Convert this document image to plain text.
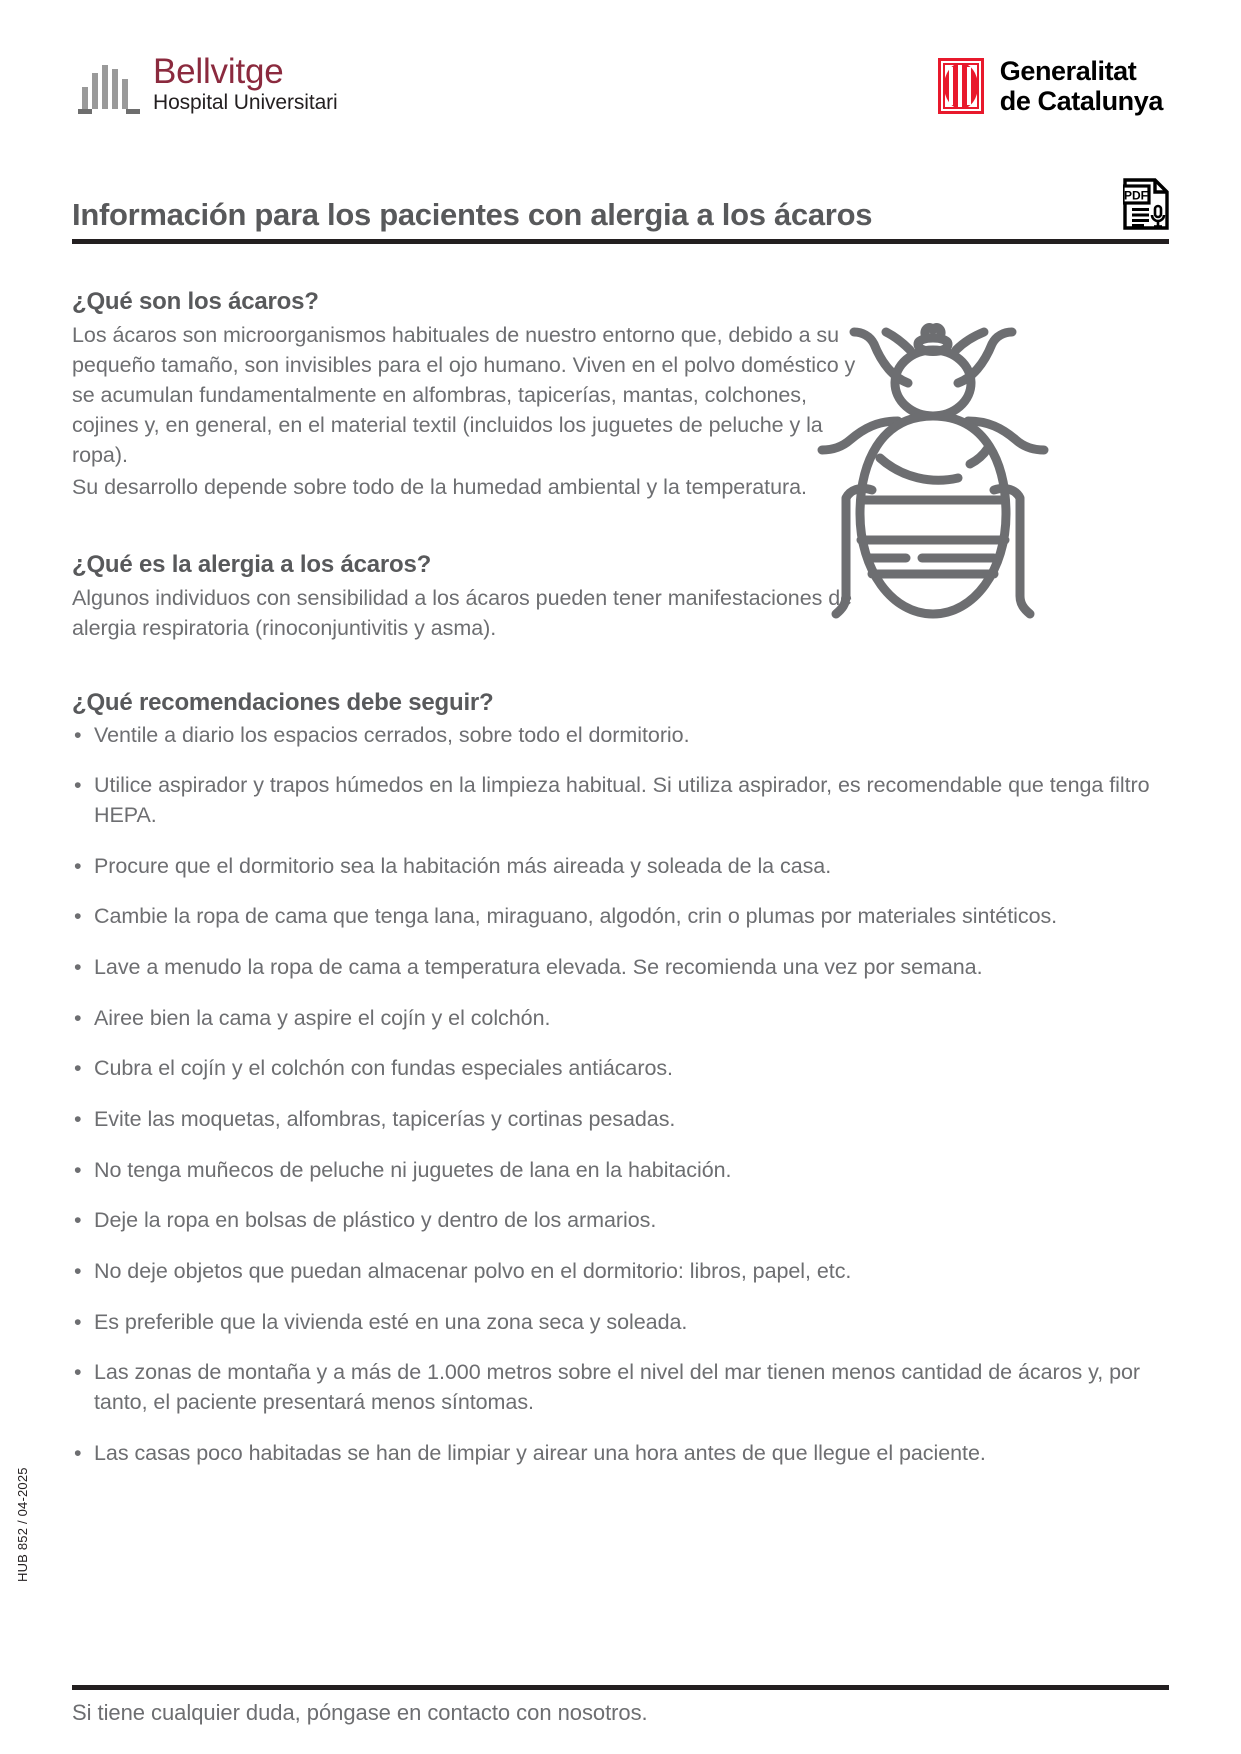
Bellvitge
Hospital Universitari
Generalitat
de Catalunya
Información para los pacientes con alergia a los ácaros
PDF
¿Qué son los ácaros?

Los ácaros son microorganismos habituales de nuestro entorno que, debido a su pequeño tamaño, son invisibles para el ojo humano. Viven en el polvo doméstico y se acumulan fundamentalmente en alfombras, tapicerías, mantas, colchones, cojines y, en general, en el material textil (incluidos los juguetes de peluche y la ropa).

Su desarrollo depende sobre todo de la humedad ambiental y la temperatura.

¿Qué es la alergia a los ácaros?

Algunos individuos con sensibilidad a los ácaros pueden tener manifestaciones de alergia respiratoria (rinoconjuntivitis y asma).

¿Qué recomendaciones debe seguir?
• Ventile a diario los espacios cerrados, sobre todo el dormitorio.
• Utilice aspirador y trapos húmedos en la limpieza habitual. Si utiliza aspirador, es recomendable que tenga filtro HEPA.
• Procure que el dormitorio sea la habitación más aireada y soleada de la casa.
• Cambie la ropa de cama que tenga lana, miraguano, algodón, crin o plumas por materiales sintéticos.
• Lave a menudo la ropa de cama a temperatura elevada. Se recomienda una vez por semana.
• Airee bien la cama y aspire el cojín y el colchón.
• Cubra el cojín y el colchón con fundas especiales antiácaros.
• Evite las moquetas, alfombras, tapicerías y cortinas pesadas.
• No tenga muñecos de peluche ni juguetes de lana en la habitación.
• Deje la ropa en bolsas de plástico y dentro de los armarios.
• No deje objetos que puedan almacenar polvo en el dormitorio: libros, papel, etc.
• Es preferible que la vivienda esté en una zona seca y soleada.
• Las zonas de montaña y a más de 1.000 metros sobre el nivel del mar tienen menos cantidad de ácaros y, por tanto, el paciente presentará menos síntomas.
• Las casas poco habitadas se han de limpiar y airear una hora antes de que llegue el paciente.
HUB 852 / 04-2025
Si tiene cualquier duda, póngase en contacto con nosotros.
